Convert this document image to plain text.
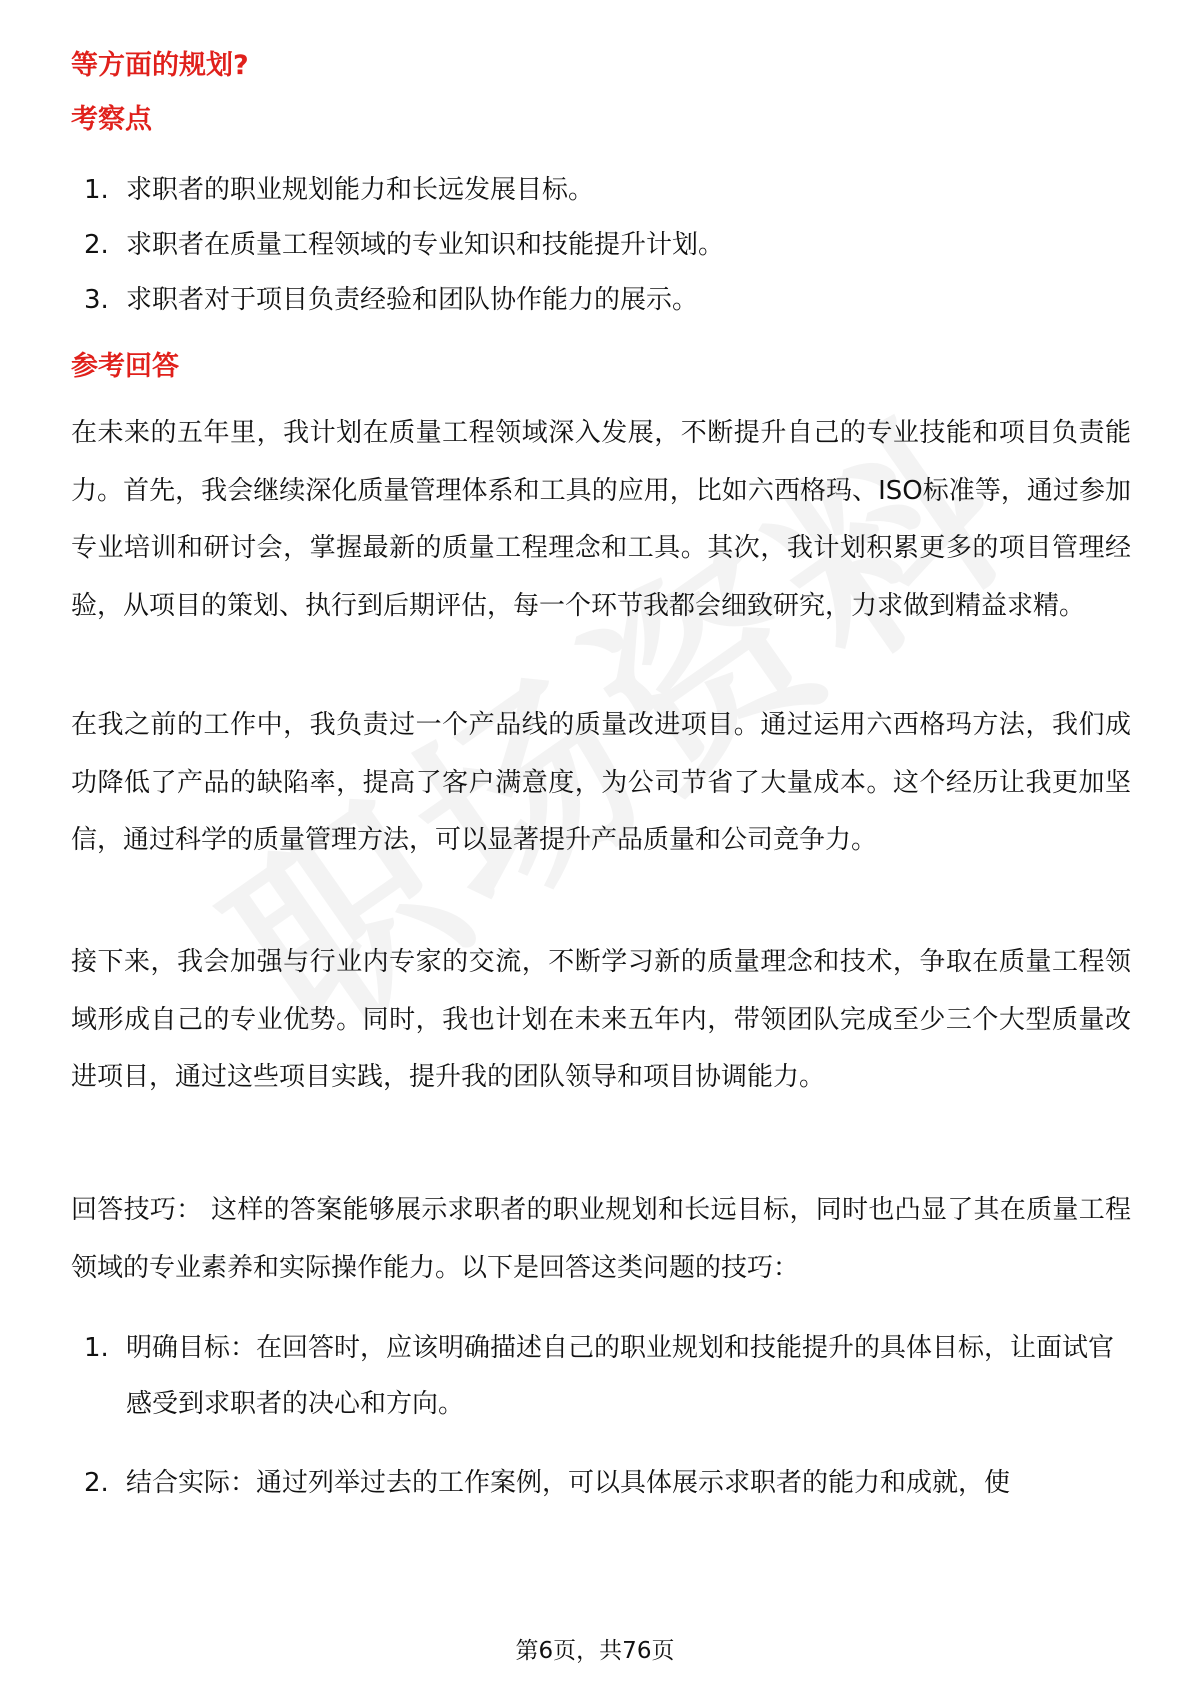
等方面的规划?
考察点
1. 求职者的职业规划能力和长远发展目标。
2. 求职者在质量工程领域的专业知识和技能提升计划。
3. 求职者对于项目负责经验和团队协作能力的展示。
参考回答

在未来的五年里，我计划在质量工程领域深入发展，不断提升自己的专业技能和项目负责能力。首先，我会继续深化质量管理体系和工具的应用，比如六西格玛、ISO标准等，通过参加专业培训和研讨会，掌握最新的质量工程理念和工具。其次，我计划积累更多的项目管理经验，从项目的策划、执行到后期评估，每一个环节我都会细致研究，力求做到精益求精。

在我之前的工作中，我负责过一个产品线的质量改进项目。通过运用六西格玛方法，我们成功降低了产品的缺陷率，提高了客户满意度，为公司节省了大量成本。这个经历让我更加坚信，通过科学的质量管理方法，可以显著提升产品质量和公司竞争力。

接下来，我会加强与行业内专家的交流，不断学习新的质量理念和技术，争取在质量工程领域形成自己的专业优势。同时，我也计划在未来五年内，带领团队完成至少三个大型质量改进项目，通过这些项目实践，提升我的团队领导和项目协调能力。

回答技巧： 这样的答案能够展示求职者的职业规划和长远目标，同时也凸显了其在质量工程领域的专业素养和实际操作能力。以下是回答这类问题的技巧：

1. 明确目标：在回答时，应该明确描述自己的职业规划和技能提升的具体目标，让面试官感受到求职者的决心和方向。
2. 结合实际：通过列举过去的工作案例，可以具体展示求职者的能力和成就，使
第6页，共76页
